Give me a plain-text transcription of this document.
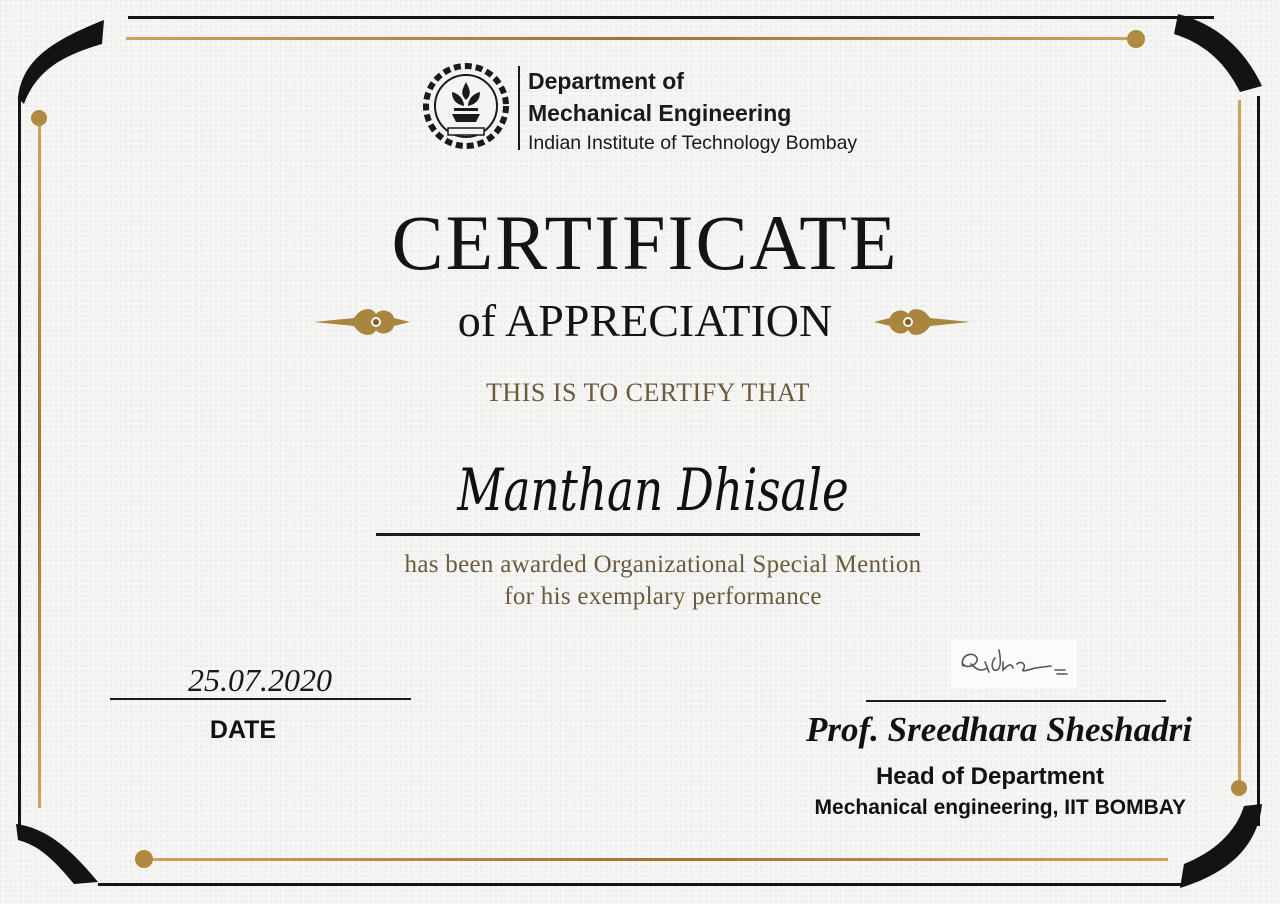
Department of
Mechanical Engineering
Indian Institute of Technology Bombay
CERTIFICATE
of APPRECIATION
THIS IS TO CERTIFY THAT
Manthan Dhisale
has been awarded Organizational Special Mention
for his exemplary performance
25.07.2020
DATE	Prof. Sreedhara Sheshadri
Head of Department
Mechanical engineering, IIT BOMBAY
